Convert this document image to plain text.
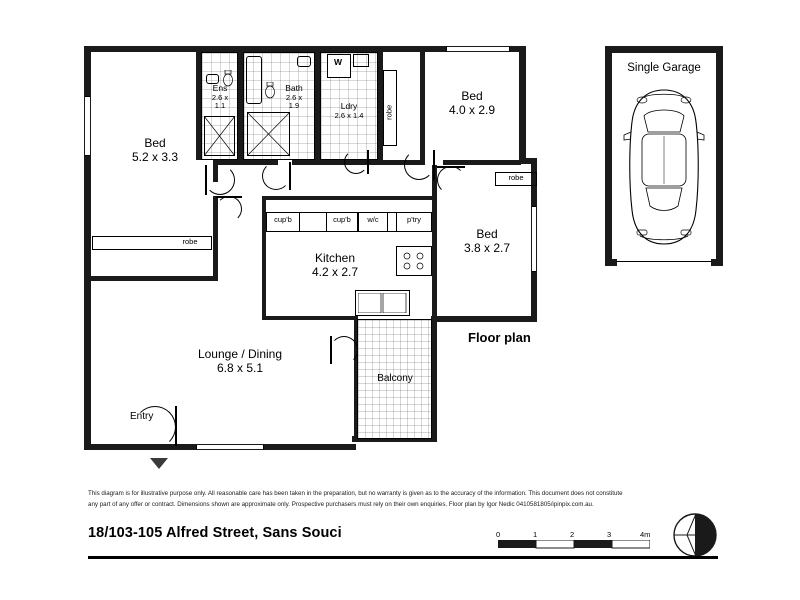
Balcony
Ens
2.6 x
1.1
Bath
2.6 x
1.9
W
Ldry
2.6 x 1.4
Bed
5.2 x 3.3
robe
Bed
4.0 x 2.9
robe
Bed
3.8 x 2.7
robe
Kitchen
4.2 x 2.7
cup'b	cup'b	w/c	p'try
Lounge / Dining
6.8 x 5.1
Entry
Single Garage
Floor plan
This diagram is for illustrative purpose only. All reasonable care has been taken in the preparation, but no warranty is given as to the accuracy of the information. This document does not constitute
any part of any offer or contract. Dimensions shown are approximate only. Prospective purchasers must rely on their own enquiries. Floor plan by Igor Nedic 0410581805/ipinpix.com.au.
18/103-105 Alfred Street, Sans Souci	0	1	2	3	4m
